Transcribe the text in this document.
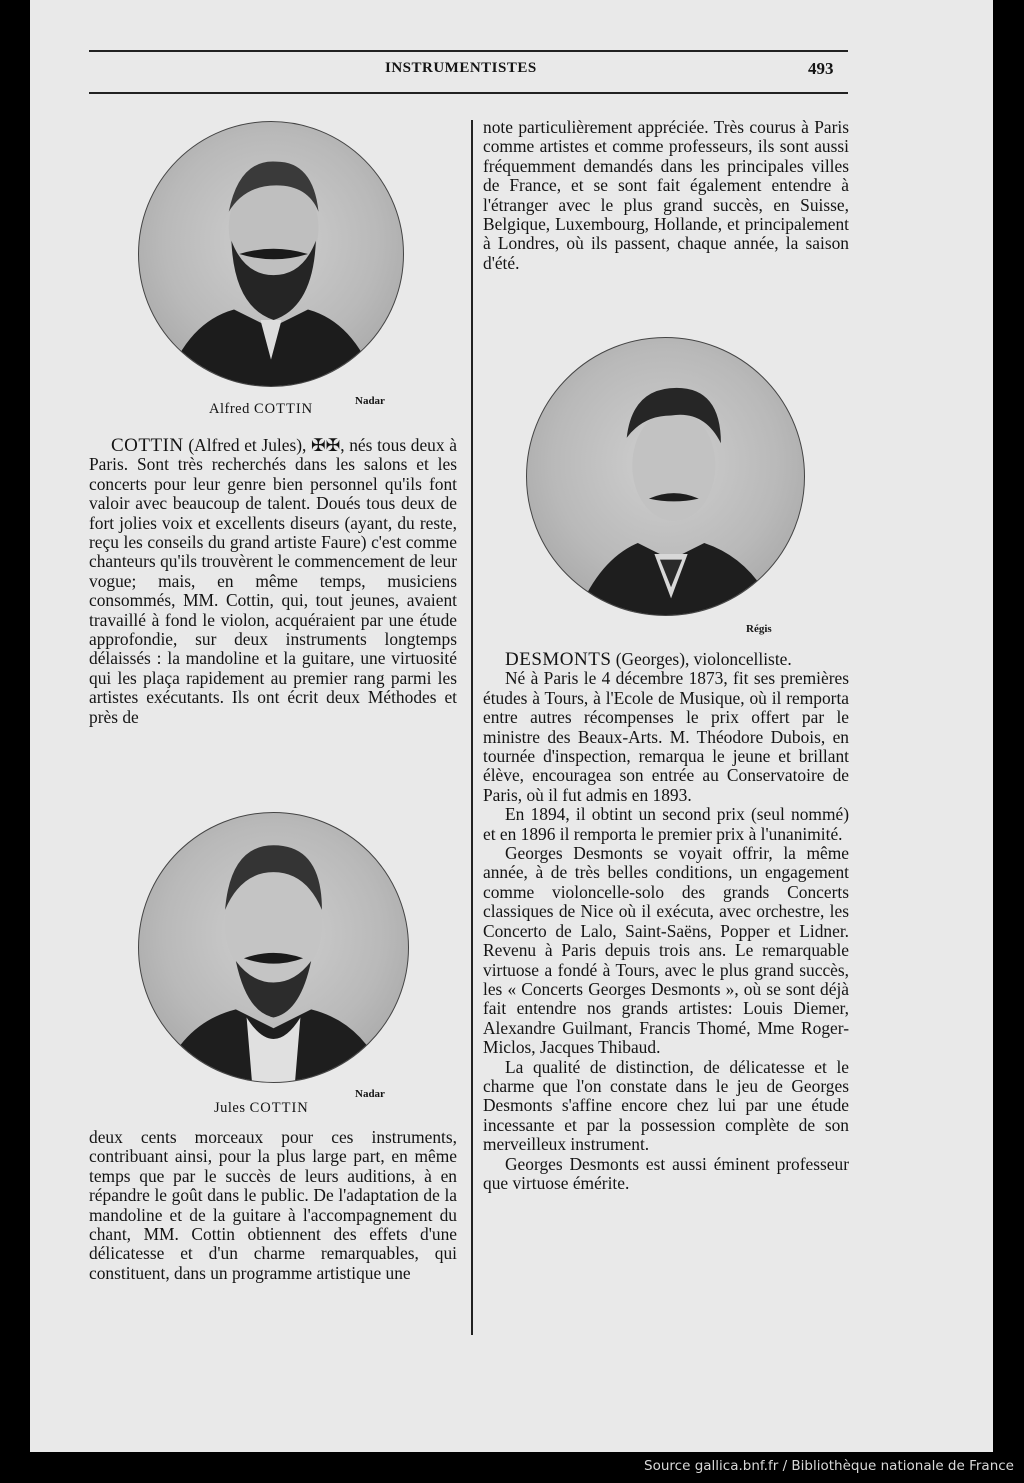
INSTRUMENTISTES	493
Nadar
Alfred COTTIN

COTTIN (Alfred et Jules), ✠✠, nés tous deux à Paris. Sont très recherchés dans les salons et les concerts pour leur genre bien personnel qu'ils font valoir avec beaucoup de talent. Doués tous deux de fort jolies voix et excellents diseurs (ayant, du reste, reçu les conseils du grand artiste Faure) c'est comme chanteurs qu'ils trouvèrent le commencement de leur vogue; mais, en même temps, musiciens consommés, MM. Cottin, qui, tout jeunes, avaient travaillé à fond le violon, acquéraient par une étude approfondie, sur deux instruments longtemps délaissés : la mandoline et la guitare, une virtuosité qui les plaça rapidement au premier rang parmi les artistes exécutants. Ils ont écrit deux Méthodes et près de

Nadar
Jules COTTIN

deux cents morceaux pour ces instruments, contribuant ainsi, pour la plus large part, en même temps que par le succès de leurs auditions, à en répandre le goût dans le public. De l'adaptation de la mandoline et de la guitare à l'accompagnement du chant, MM. Cottin obtiennent des effets d'une délicatesse et d'un charme remarquables, qui constituent, dans un programme artistique une

note particulièrement appréciée. Très courus à Paris comme artistes et comme professeurs, ils sont aussi fréquemment demandés dans les principales villes de France, et se sont fait également entendre à l'étranger avec le plus grand succès, en Suisse, Belgique, Luxembourg, Hollande, et principalement à Londres, où ils passent, chaque année, la saison d'été.

Régis

DESMONTS (Georges), violoncelliste.

Né à Paris le 4 décembre 1873, fit ses premières études à Tours, à l'Ecole de Musique, où il remporta entre autres récompenses le prix offert par le ministre des Beaux-Arts. M. Théodore Dubois, en tournée d'inspection, remarqua le jeune et brillant élève, encouragea son entrée au Conservatoire de Paris, où il fut admis en 1893.

En 1894, il obtint un second prix (seul nommé) et en 1896 il remporta le premier prix à l'unanimité.

Georges Desmonts se voyait offrir, la même année, à de très belles conditions, un engagement comme violoncelle-solo des grands Concerts classiques de Nice où il exécuta, avec orchestre, les Concerto de Lalo, Saint-Saëns, Popper et Lidner. Revenu à Paris depuis trois ans. Le remarquable virtuose a fondé à Tours, avec le plus grand succès, les « Concerts Georges Desmonts », où se sont déjà fait entendre nos grands artistes: Louis Diemer, Alexandre Guilmant, Francis Thomé, Mme Roger-Miclos, Jacques Thibaud.

La qualité de distinction, de délicatesse et le charme que l'on constate dans le jeu de Georges Desmonts s'affine encore chez lui par une étude incessante et par la possession complète de son merveilleux instrument.

Georges Desmonts est aussi éminent professeur que virtuose émérite.

Source gallica.bnf.fr / Bibliothèque nationale de France
